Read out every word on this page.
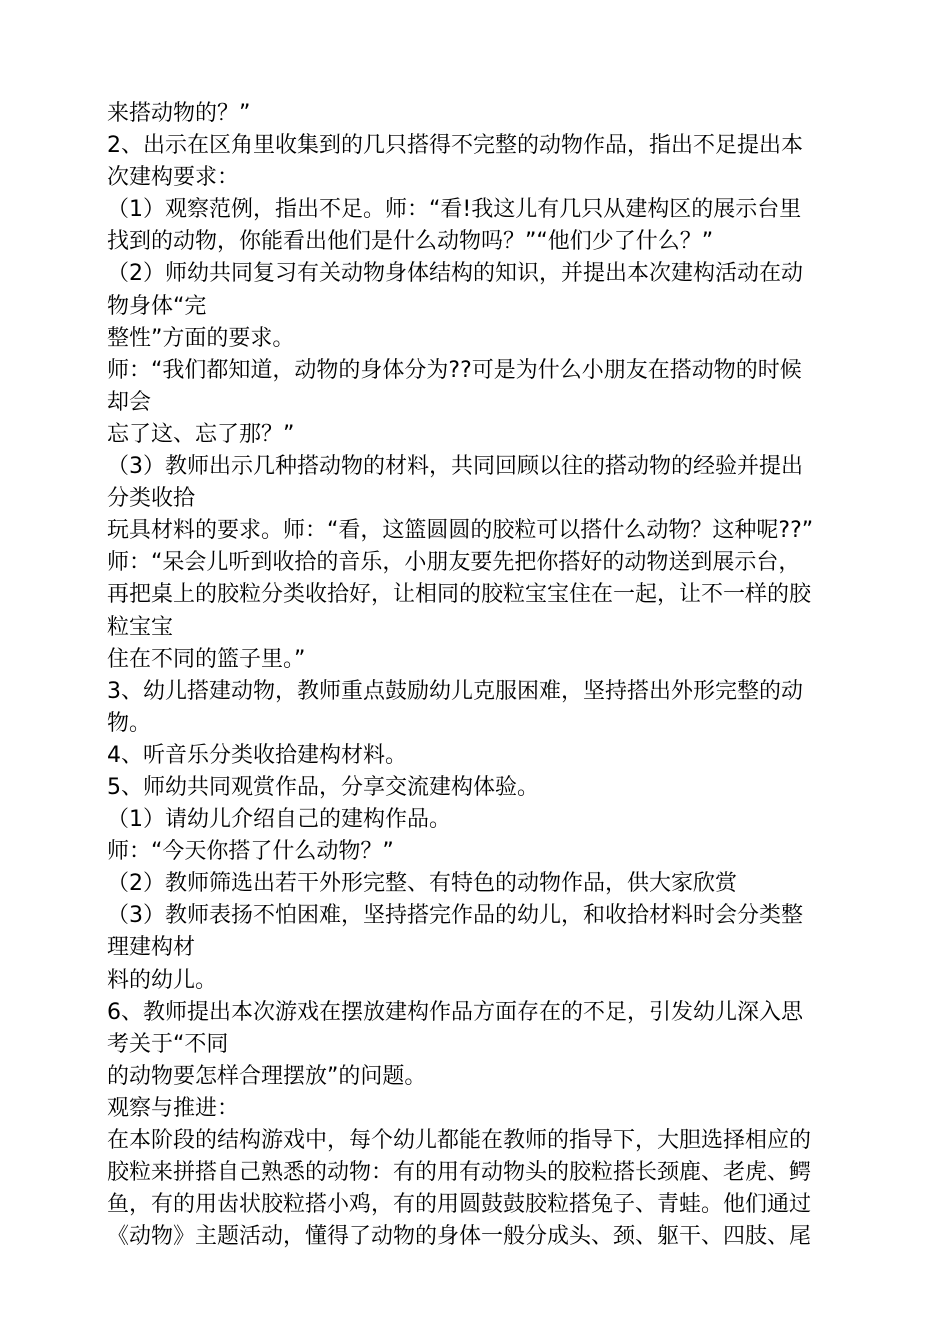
来搭动物的？”
2、出示在区角里收集到的几只搭得不完整的动物作品，指出不足提出本
次建构要求：
（1）观察范例，指出不足。师：“看!我这儿有几只从建构区的展示台里
找到的动物，你能看出他们是什么动物吗？”“他们少了什么？”
（2）师幼共同复习有关动物身体结构的知识，并提出本次建构活动在动
物身体“完
整性”方面的要求。
师：“我们都知道，动物的身体分为??可是为什么小朋友在搭动物的时候
却会
忘了这、忘了那？”
（3）教师出示几种搭动物的材料，共同回顾以往的搭动物的经验并提出
分类收拾
玩具材料的要求。师：“看，这篮圆圆的胶粒可以搭什么动物？这种呢??”
师：“呆会儿听到收拾的音乐，小朋友要先把你搭好的动物送到展示台，
再把桌上的胶粒分类收拾好，让相同的胶粒宝宝住在一起，让不一样的胶
粒宝宝
住在不同的篮子里。”
3、幼儿搭建动物，教师重点鼓励幼儿克服困难，坚持搭出外形完整的动
物。
4、听音乐分类收拾建构材料。
5、师幼共同观赏作品，分享交流建构体验。
（1）请幼儿介绍自己的建构作品。
师：“今天你搭了什么动物？”
（2）教师筛选出若干外形完整、有特色的动物作品，供大家欣赏
（3）教师表扬不怕困难，坚持搭完作品的幼儿，和收拾材料时会分类整
理建构材
料的幼儿。
6、教师提出本次游戏在摆放建构作品方面存在的不足，引发幼儿深入思
考关于“不同
的动物要怎样合理摆放”的问题。
观察与推进：
在本阶段的结构游戏中，每个幼儿都能在教师的指导下，大胆选择相应的
胶粒来拼搭自己熟悉的动物：有的用有动物头的胶粒搭长颈鹿、老虎、鳄
鱼，有的用齿状胶粒搭小鸡，有的用圆鼓鼓胶粒搭兔子、青蛙。他们通过
《动物》主题活动，懂得了动物的身体一般分成头、颈、躯干、四肢、尾
